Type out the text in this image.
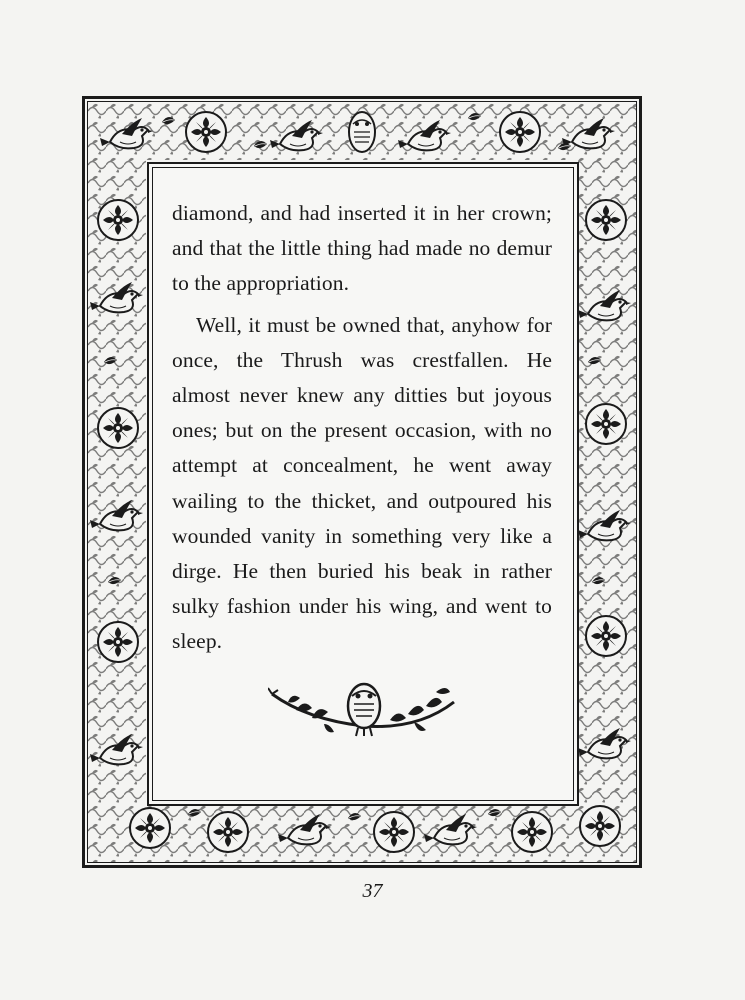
diamond, and had inserted it in her crown; and that the little thing had made no demur to the appropriation.

Well, it must be owned that, anyhow for once, the Thrush was crestfallen. He almost never knew any ditties but joyous ones; but on the present occasion, with no attempt at concealment, he went away wailing to the thicket, and outpoured his wounded vanity in something very like a dirge. He then buried his beak in rather sulky fashion under his wing, and went to sleep.

37
